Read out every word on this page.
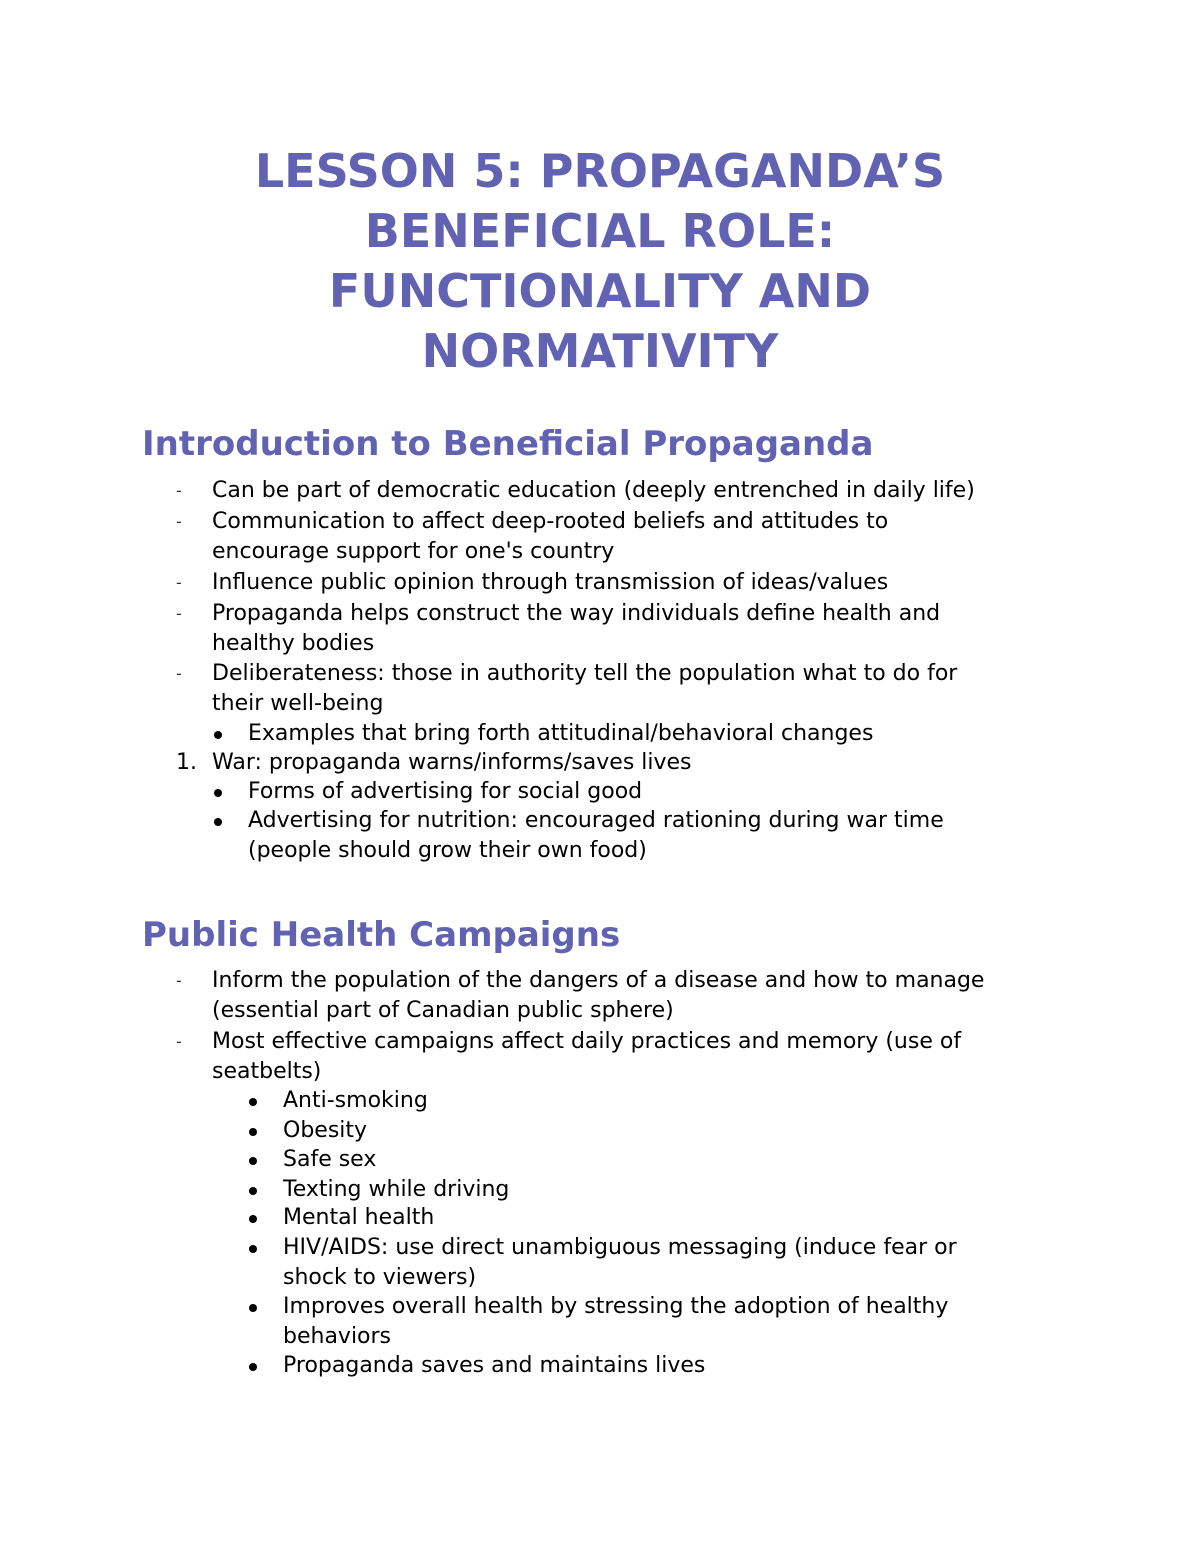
LESSON 5: PROPAGANDA’S
BENEFICIAL ROLE:
FUNCTIONALITY AND
NORMATIVITY
Introduction to Beneficial Propaganda
- Can be part of democratic education (deeply entrenched in daily life)

- Communication to affect deep-rooted beliefs and attitudes to

encourage support for one's country

- Influence public opinion through transmission of ideas/values

- Propaganda helps construct the way individuals define health and

healthy bodies

- Deliberateness: those in authority tell the population what to do for

their well-being

Examples that bring forth attitudinal/behavioral changes

1. War: propaganda warns/informs/saves lives

Forms of advertising for social good

Advertising for nutrition: encouraged rationing during war time

(people should grow their own food)

Public Health Campaigns
- Inform the population of the dangers of a disease and how to manage

(essential part of Canadian public sphere)

- Most effective campaigns affect daily practices and memory (use of

seatbelts)

Anti-smoking

Obesity

Safe sex

Texting while driving

Mental health

HIV/AIDS: use direct unambiguous messaging (induce fear or

shock to viewers)

Improves overall health by stressing the adoption of healthy

behaviors

Propaganda saves and maintains lives
